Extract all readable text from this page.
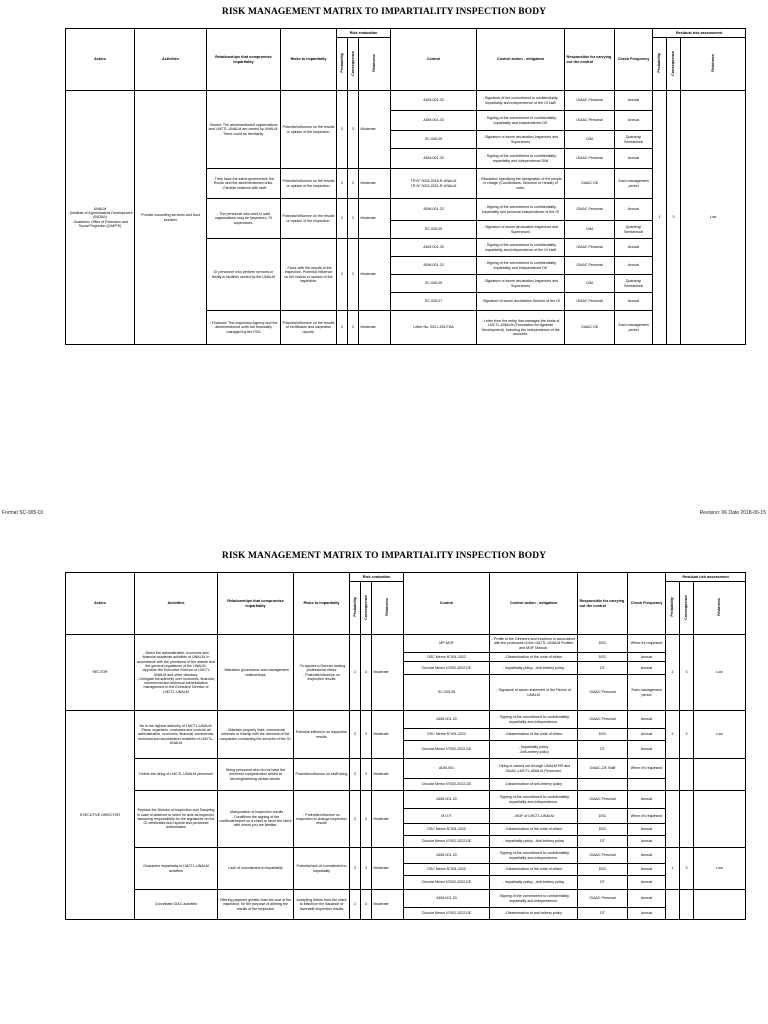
RISK MANAGEMENT MATRIX TO IMPARTIALITY INSPECTION BODY
Actors	Activities	Relationships that compromise impartiality	Risks to impartiality	Risk evaluation			Control	Control action - mitigation	Responsible for carrying out the control	Check Frequency	Residual risk assessment		
				Probability	Consequence	Riskiness					Probability	Consequence	Riskiness
UNALM
- (Institute of Agroindustrial Development (INDDA)
- Academic Office of Extension and Social Projection (OAEPS)	Provide consulting services and food services	Owned: The aforementioned organizations and LMCTL-UNALM are owned by UNALM. There could be familiarity.	Potential influence on the results or opinion of the inspection.	2	3	Moderate	ADM-001-33	- Signature of the commitment to confidentiality, impartiality and independence of the OI staff	OIAAC Personal	Annual	1	3	Low
							ADM-001-33	- Signing of the commitment to confidentiality, impartiality and independence DE	OIAAC Personal	Annual			
							SC-005-05	- Signature of sworn declaration Inspectors and Supervisors	DIM	Quarterly/ Semiannual			
							ADM-001-33	- Signing of the commitment to confidentiality, impartiality and independence DIM	OIAAC Personal	Annual			
		- They have the same government: the Rector and the aforementioned units.
- Familiar relations with staff	Potential influence on the results or opinion of the inspection.	2	3	Moderate	TR N° 0024-2016-R-UNALM
TR N° 0003-2021-R-UNALM	- Resolution specifying the designation of the people in charge (Coordinators, Direction or Heads) of units.	OIAAC DE	Each management period			
		- The personnel who work in said organizations may be inspectors, OI supervisors.	Potential influence on the results or opinion of the inspection.	2	3	Moderate	ADM-001-33	- Signing of the commitment to confidentiality, impartiality and personal independence of the OI	OIAAC Personal	Annual			
							SC-005-05	- Signature of sworn declaration Inspectors and Supervisors	DIM	Quarterly/ Semiannual			
		OI personnel who perform services or testify in facilities owned by the UNALM	- Favor with the results of the inspection. Potential influence on the results or opinion of the inspection.	2	3	Moderate	ADM-001-33	- Signing of the commitment to confidentiality, impartiality and independence of the OI staff	OIAAC Personal	Annual			
							ADM-001-33	- Signing of the commitment to confidentiality, impartiality and independence DE	OIAAC Personal	Annual			
							SC-005-05	- Signature of sworn declaration Inspectors and Supervisors	DIM	Quarterly/ Semiannual			
							SC-005-07	- Signature of sworn declaration Director of the OI	OIAAC Personal	Annual			
		- Finances: The Inspection Agency and the aforementioned units are financially managed by the FDA	Potential influence on the results of certificates and inspection reports.	2	3	Moderate	Letter No. 2021-333-FDA	- Letter from the entity that manages the funds of LMCTL-UNALM (Foundation for Agrarian Development), including the independence of the accounts.	OIAAC DE	Each management period			
Format SC-005-01	Revision: 06 Date 2018-06-15
RISK MANAGEMENT MATRIX TO IMPARTIALITY INSPECTION BODY
Actors	Activities	Relationships that compromise impartiality	Risks to impartiality	Risk evaluation			Control	Control action - mitigation	Responsible for carrying out the control	Check Frequency	Residual risk assessment		
				Probability	Consequence	Riskiness					Probability	Consequence	Riskiness
RECTOR	- Direct the administrative, economic and financial academic activities of UNALM, in accordance with the provisions of the statute and the general regulations of the UNALM.
- Appoints the Executive Director of LMCTL-UNALM and other directors.
- Delegate full authority over economic, financial, commercial and technical administrative management to the Executive Director of LMCTL-UNALM	- Maintains governance and management relationships	- To appoint a Director lacking professional ethics
- Potential influence on inspection results	2	3	Moderate	MP-MOF	- Profile of the Directors and functions in accordance with the provisions of the LMCTL-UNALM Profiles and MOF Manual.	DSC	When it's requested	1	3	Low
							DSC Memo N°001-2022	- Dissemination of the code of ethics.	DSC	Annual			
							Circular Memo N°002-2022-DE	- Impartiality policy - Anti-bribery policy	DT	Annual			
							SC-005-06	- Signature of sworn statement of the Rector of UNALM	OIAAC Personal	Each management period			
EXECUTIVE DIRECTOR	He is the highest authority of LMCTL-UNALM. Plans, organizes, evaluates and controls all administrative, economic, financial, commercial, technical and accreditation activities of LMCTL-UNALM	- Maintain property links, commercial interests or kinship with the directors of the companies contracting the services of the OI.	Potential influence on inspection results	2	3	Moderate	ADM-001-33	- Signing of the commitment to confidentiality, impartiality and independence.	OIAAC Personal	Annual	1	3	Low
							DSC Memo N°001-2022	- Dissemination of the code of ethics.	DSC	Annual			
							Circular Memo N°002-2022-DE	- Impartiality policy
- Anti-bribery policy	DT	Annual			
	Define the hiring of LMCTL-UNALM personnel	Hiring personnel who do not have the minimum competencies aimed at favoring/harming certain clients.	Potential influence on staff hiring	2	3	Moderate	ADM-001	- Hiring is carried out through UNALM HR and OIAAC-LMCTL-UNALM Personnel.	OIAAC-DE Staff	When it's requested			
							Circular Memo N°002-2022-DE	-Dissemination of anti-bribery policy					
	Replace the Director of Inspection and Sampling in case of absence or when he acts as inspector, assuming responsibility for the signatures on the OI certificates and reports and personnel authorization	- Manipulation of inspection results
- Conditions the signing of the certificate/report on a result to favor the client with whom you are familiar.	- Potential influence on inspection to change inspection results	2	3	Moderate	ADM-001-33	- Signing of the commitment to confidentiality, impartiality and independence.	OIAAC Personal	Annual			
							M.O.F.	- MOF of LMCTL-UNALM	DSC	When it's requested			
							DSC Memo N°001-2022	- Dissemination of the code of ethics.	DSC	Annual			
							Circular Memo N°002-2022-DE	- Impartiality policy - Anti-bribery policy	DT	Annual			
	Guarantee impartiality in LMCTL-UNALM activities	Lack of commitment to impartiality	Potential lack of commitment to impartiality	2	3	Moderate	ADM-001-33	- Signing of the commitment to confidentiality, impartiality and independence.	OIAAC Personal	Annual	1	3	Low
							DSC Memo N°001-2022	- Dissemination of the code of ethics.	DSC	Annual			
							Circular Memo N°002-2022-DE	- Impartiality policy - Anti-bribery policy	DT	Annual			
	Coordinate OIAC activities	Offering payment greater than the cost of the inspection, for the purpose of altering the results of the inspection	Accepting bribes from the client to influence the issuance of favorable inspection results	2	3	Moderate	ADM-001-33	- Signing of the commitment to confidentiality, impartiality and independence.	OIAAC Personal	Annual			
							Circular Memo N°002-2022-DE	-Dissemination of anti-bribery policy	DT	Annual			
